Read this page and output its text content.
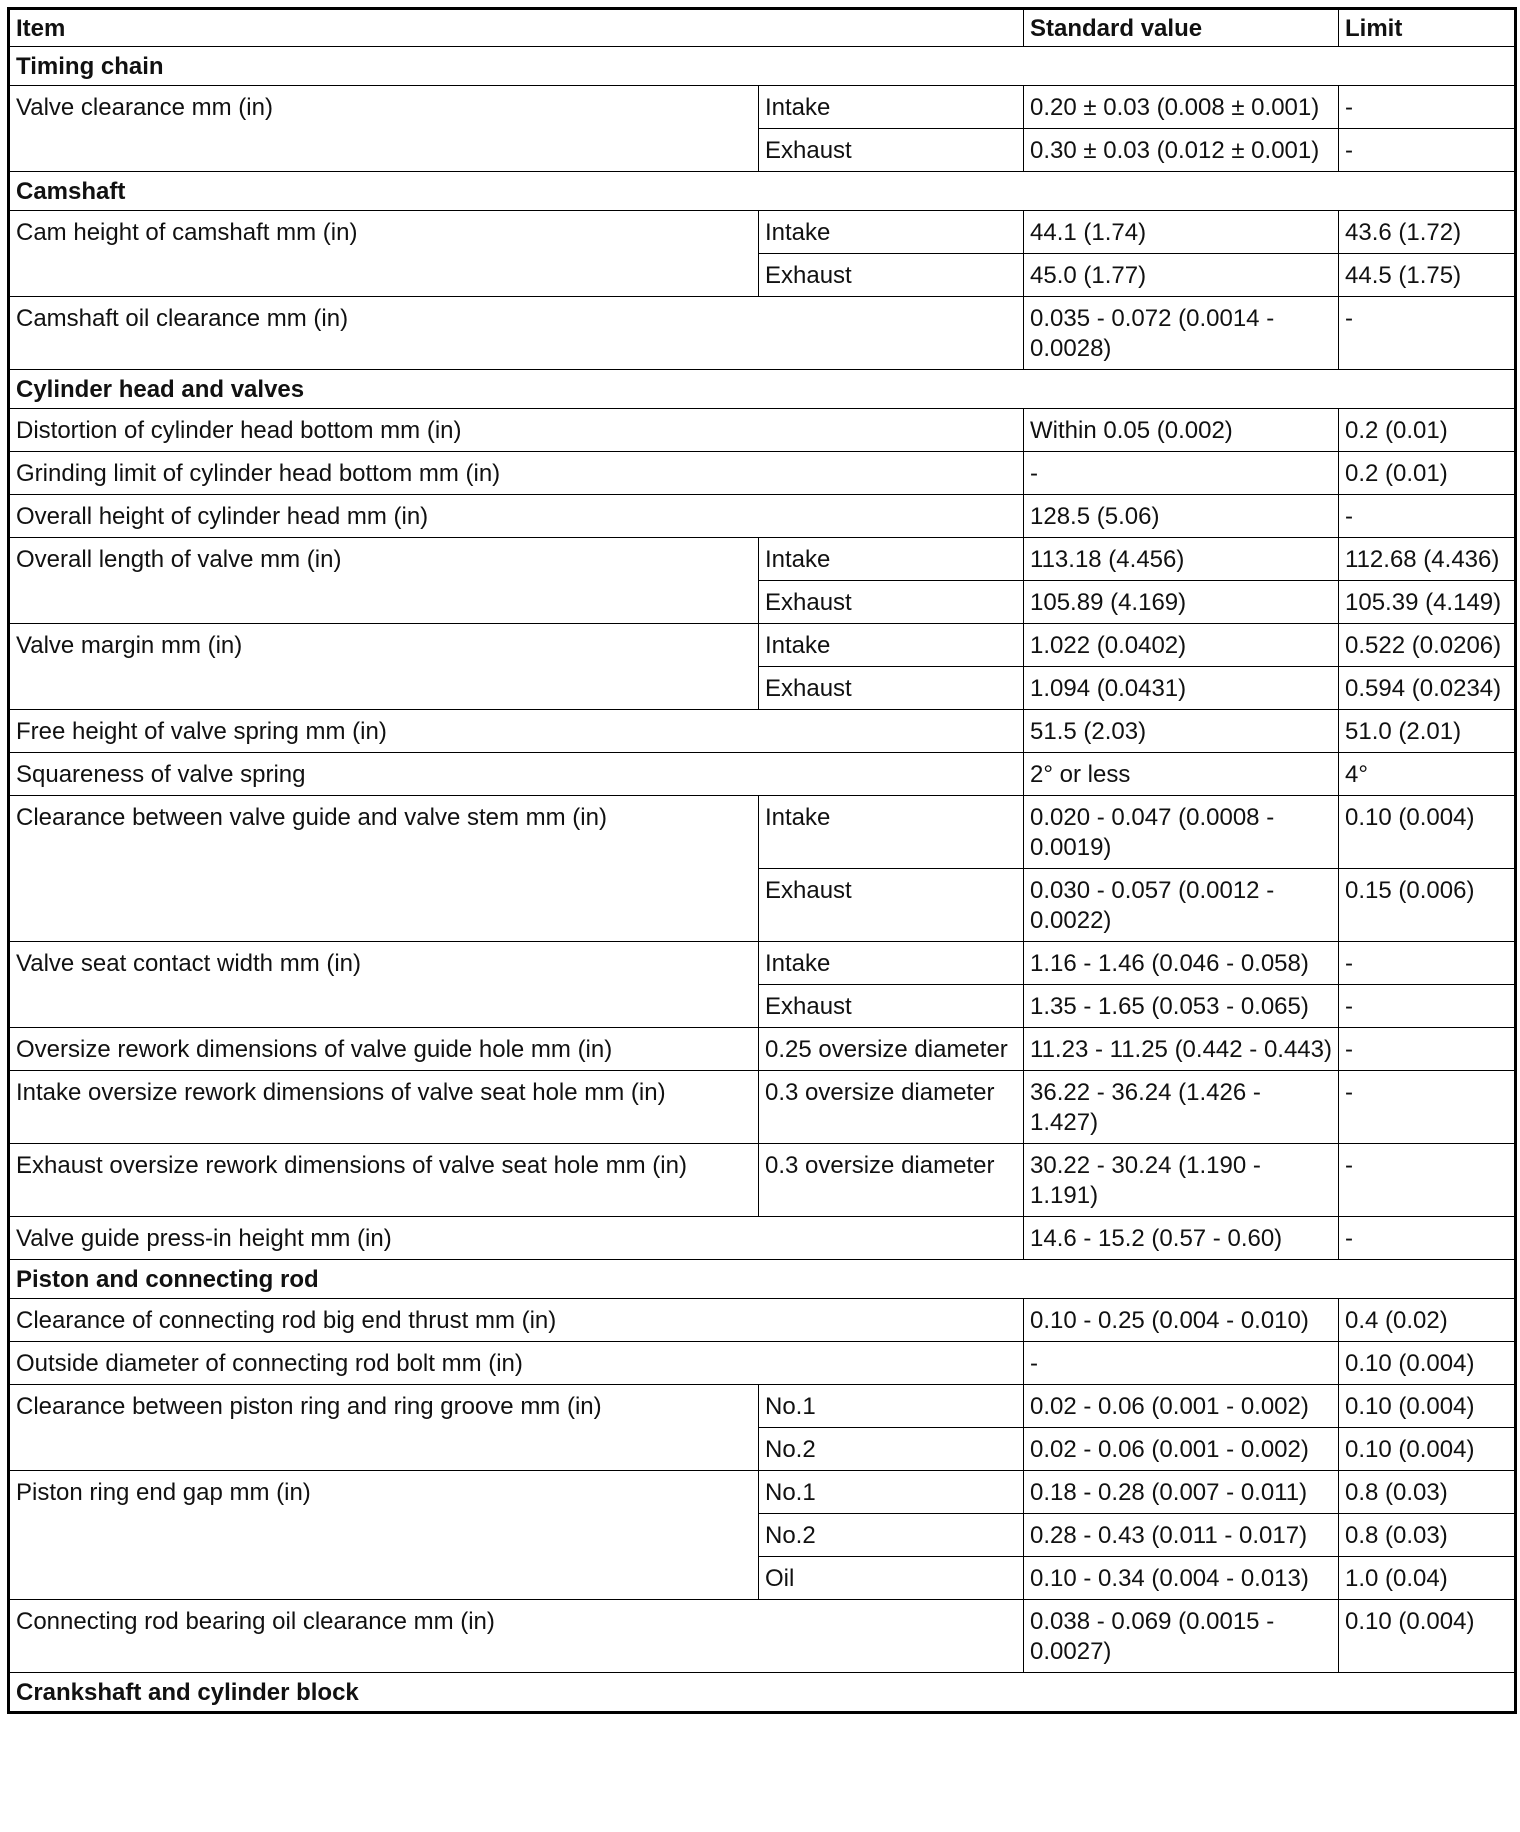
Item		Standard value	Limit
Timing chain			
Valve clearance mm (in)	Intake	0.20 ± 0.03 (0.008 ± 0.001)	-
	Exhaust	0.30 ± 0.03 (0.012 ± 0.001)	-
Camshaft			
Cam height of camshaft mm (in)	Intake	44.1 (1.74)	43.6 (1.72)
	Exhaust	45.0 (1.77)	44.5 (1.75)
Camshaft oil clearance mm (in)		0.035 - 0.072 (0.0014 - 0.0028)	-
Cylinder head and valves			
Distortion of cylinder head bottom mm (in)		Within 0.05 (0.002)	0.2 (0.01)
Grinding limit of cylinder head bottom mm (in)		-	0.2 (0.01)
Overall height of cylinder head mm (in)		128.5 (5.06)	-
Overall length of valve mm (in)	Intake	113.18 (4.456)	112.68 (4.436)
	Exhaust	105.89 (4.169)	105.39 (4.149)
Valve margin mm (in)	Intake	1.022 (0.0402)	0.522 (0.0206)
	Exhaust	1.094 (0.0431)	0.594 (0.0234)
Free height of valve spring mm (in)		51.5 (2.03)	51.0 (2.01)
Squareness of valve spring		2° or less	4°
Clearance between valve guide and valve stem mm (in)	Intake	0.020 - 0.047 (0.0008 - 0.0019)	0.10 (0.004)
	Exhaust	0.030 - 0.057 (0.0012 - 0.0022)	0.15 (0.006)
Valve seat contact width mm (in)	Intake	1.16 - 1.46 (0.046 - 0.058)	-
	Exhaust	1.35 - 1.65 (0.053 - 0.065)	-
Oversize rework dimensions of valve guide hole mm (in)	0.25 oversize diameter	11.23 - 11.25 (0.442 - 0.443)	-
Intake oversize rework dimensions of valve seat hole mm (in)	0.3 oversize diameter	36.22 - 36.24 (1.426 - 1.427)	-
Exhaust oversize rework dimensions of valve seat hole mm (in)	0.3 oversize diameter	30.22 - 30.24 (1.190 - 1.191)	-
Valve guide press-in height mm (in)		14.6 - 15.2 (0.57 - 0.60)	-
Piston and connecting rod			
Clearance of connecting rod big end thrust mm (in)		0.10 - 0.25 (0.004 - 0.010)	0.4 (0.02)
Outside diameter of connecting rod bolt mm (in)		-	0.10 (0.004)
Clearance between piston ring and ring groove mm (in)	No.1	0.02 - 0.06 (0.001 - 0.002)	0.10 (0.004)
	No.2	0.02 - 0.06 (0.001 - 0.002)	0.10 (0.004)
Piston ring end gap mm (in)	No.1	0.18 - 0.28 (0.007 - 0.011)	0.8 (0.03)
	No.2	0.28 - 0.43 (0.011 - 0.017)	0.8 (0.03)
	Oil	0.10 - 0.34 (0.004 - 0.013)	1.0 (0.04)
Connecting rod bearing oil clearance mm (in)		0.038 - 0.069 (0.0015 - 0.0027)	0.10 (0.004)
Crankshaft and cylinder block			
